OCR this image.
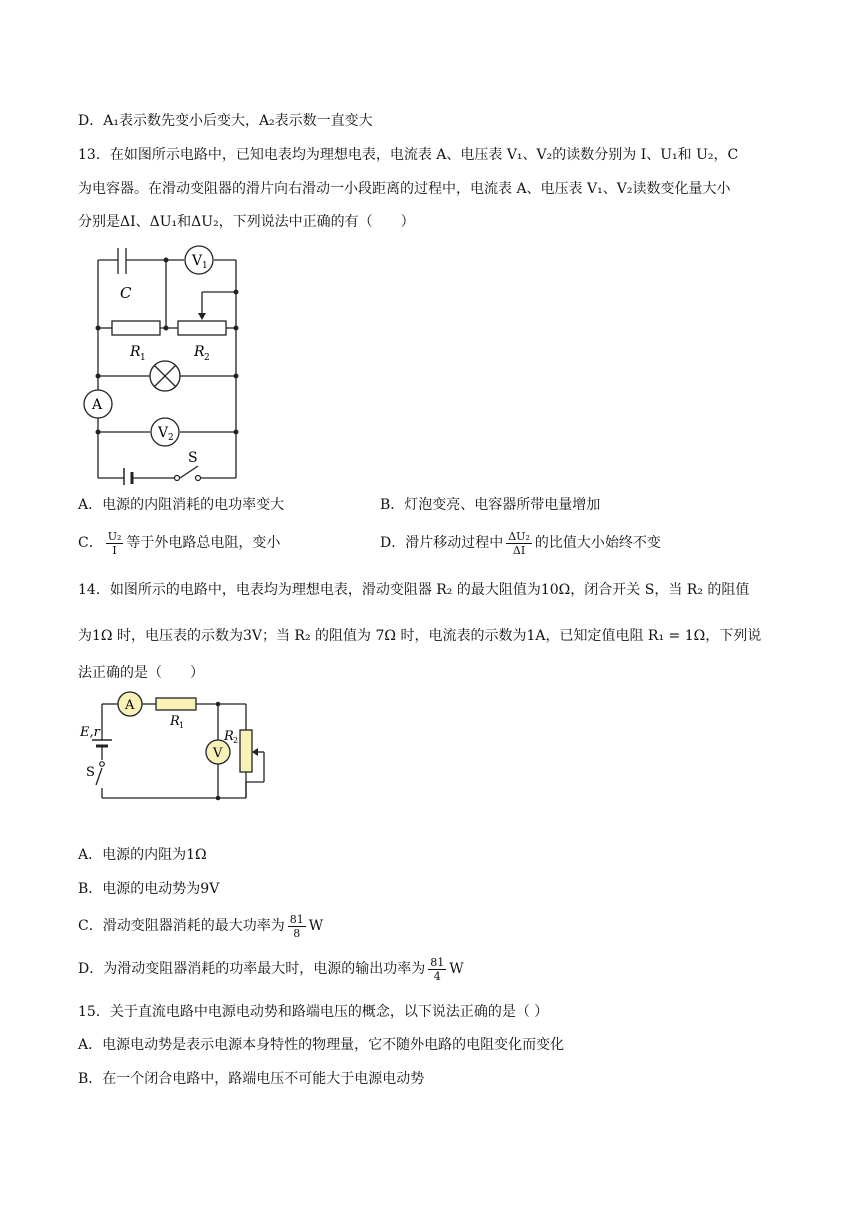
D．A₁表示数先变小后变大，A₂表示数一直变大
13．在如图所示电路中，已知电表均为理想电表，电流表 A、电压表 V₁、V₂的读数分别为 I、U₁和 U₂，C
为电容器。在滑动变阻器的滑片向右滑动一小段距离的过程中，电流表 A、电压表 V₁、V₂读数变化量大小
分别是ΔI、ΔU₁和ΔU₂，下列说法中正确的有（　　）
V 1
C
R 1	R 2
A
V 2
S
A．电源的内阻消耗的电功率变大	B．灯泡变亮、电容器所带电量增加
C． $\frac{\text{U₂}}{I}$ 等于外电路总电阻，变小	D．滑片移动过程中 $\frac{\text{ΔU₂}}{\Delta I}$ 的比值大小始终不变
14．如图所示的电路中，电表均为理想电表，滑动变阻器 R₂ 的最大阻值为10Ω，闭合开关 S，当 R₂ 的阻值
为1Ω 时，电压表的示数为3V；当 R₂ 的阻值为 7Ω 时，电流表的示数为1A，已知定值电阻 R₁ = 1Ω，下列说
法正确的是（　　）
A
R 1
E,r
S
V
R 2
A．电源的内阻为1Ω
B．电源的电动势为9V
C．滑动变阻器消耗的最大功率为 $\frac{81}{8}$ W
D．为滑动变阻器消耗的功率最大时，电源的输出功率为 $\frac{81}{4}$ W
15．关于直流电路中电源电动势和路端电压的概念，以下说法正确的是（ ）
A．电源电动势是表示电源本身特性的物理量，它不随外电路的电阻变化而变化
B．在一个闭合电路中，路端电压不可能大于电源电动势
